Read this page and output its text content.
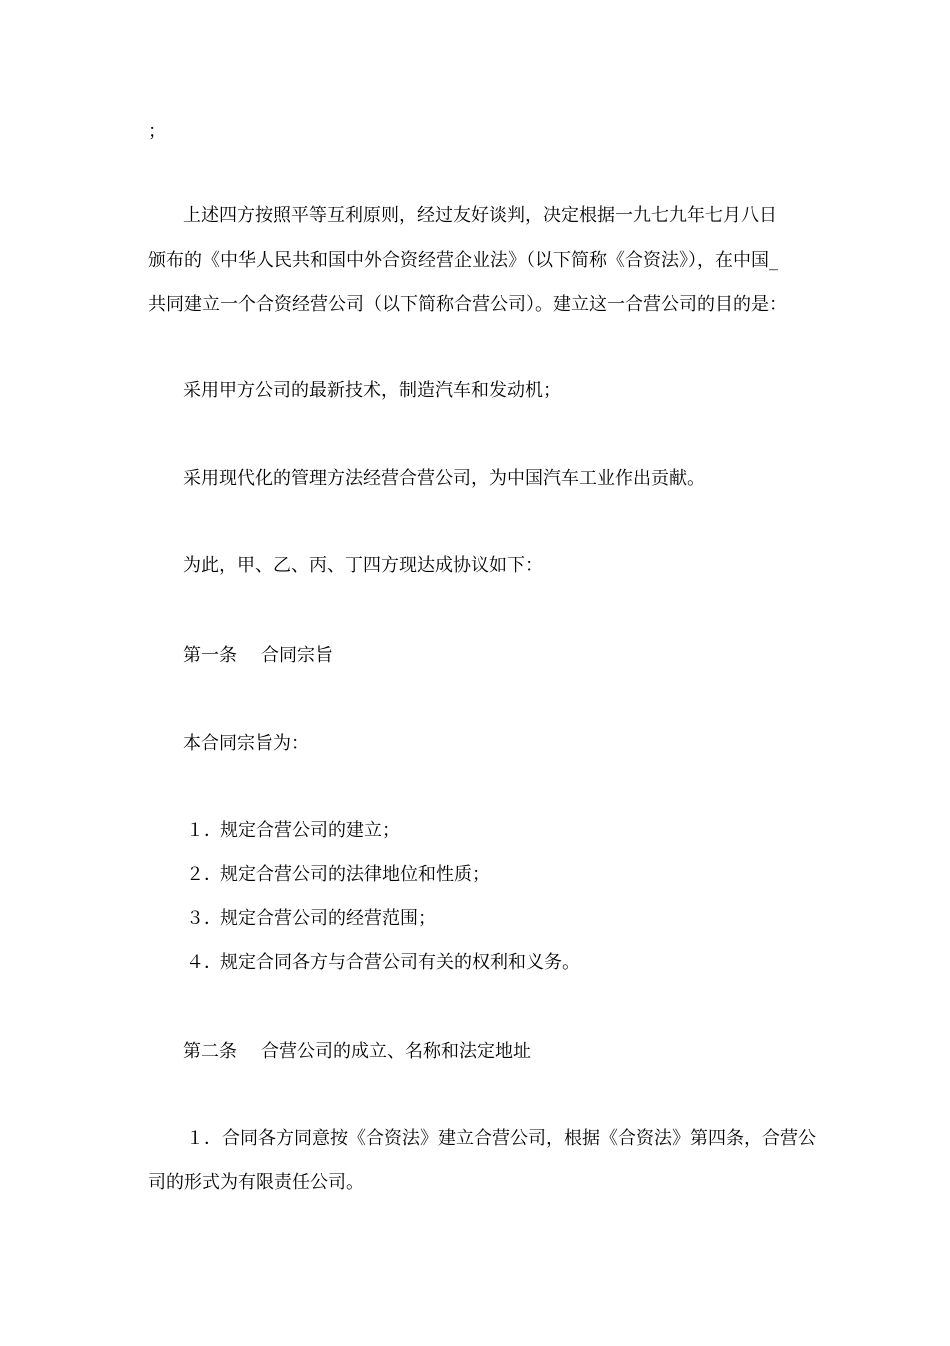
；
上述四方按照平等互利原则，经过友好谈判，决定根据一九七九年七月八日
颁布的《中华人民共和国中外合资经营企业法》（以下简称《合资法》），在中国_
共同建立一个合资经营公司（以下简称合营公司）。建立这一合营公司的目的是：
采用甲方公司的最新技术，制造汽车和发动机；
采用现代化的管理方法经营合营公司，为中国汽车工业作出贡献。
为此，甲、乙、丙、丁四方现达成协议如下：
第一条 合同宗旨
本合同宗旨为：
１．规定合营公司的建立；
２．规定合营公司的法律地位和性质；
３．规定合营公司的经营范围；
４．规定合同各方与合营公司有关的权利和义务。
第二条 合营公司的成立、名称和法定地址
１．合同各方同意按《合资法》建立合营公司，根据《合资法》第四条，合营公
司的形式为有限责任公司。
